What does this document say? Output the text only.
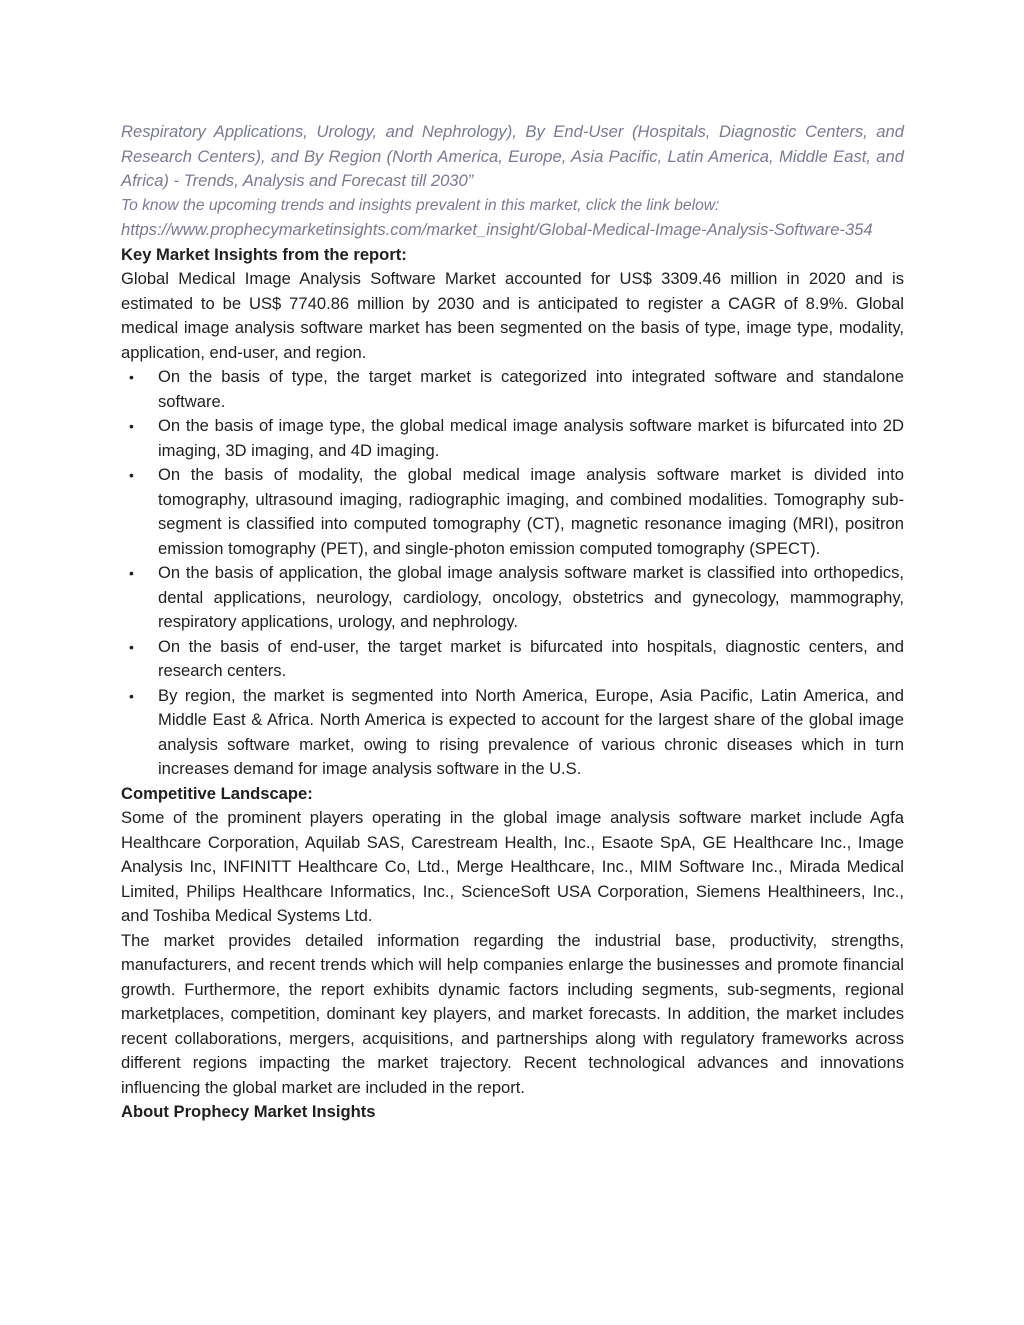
Respiratory Applications, Urology, and Nephrology), By End-User (Hospitals, Diagnostic Centers, and Research Centers), and By Region (North America, Europe, Asia Pacific, Latin America, Middle East, and Africa) - Trends, Analysis and Forecast till 2030”

To know the upcoming trends and insights prevalent in this market, click the link below:

https://www.prophecymarketinsights.com/market_insight/Global-Medical-Image-Analysis-Software-354

Key Market Insights from the report:

Global Medical Image Analysis Software Market accounted for US$ 3309.46 million in 2020 and is estimated to be US$ 7740.86 million by 2030 and is anticipated to register a CAGR of 8.9%. Global medical image analysis software market has been segmented on the basis of type, image type, modality, application, end-user, and region.

• On the basis of type, the target market is categorized into integrated software and standalone software.
• On the basis of image type, the global medical image analysis software market is bifurcated into 2D imaging, 3D imaging, and 4D imaging.
• On the basis of modality, the global medical image analysis software market is divided into tomography, ultrasound imaging, radiographic imaging, and combined modalities. Tomography sub-segment is classified into computed tomography (CT), magnetic resonance imaging (MRI), positron emission tomography (PET), and single-photon emission computed tomography (SPECT).
• On the basis of application, the global image analysis software market is classified into orthopedics, dental applications, neurology, cardiology, oncology, obstetrics and gynecology, mammography, respiratory applications, urology, and nephrology.
• On the basis of end-user, the target market is bifurcated into hospitals, diagnostic centers, and research centers.
• By region, the market is segmented into North America, Europe, Asia Pacific, Latin America, and Middle East & Africa. North America is expected to account for the largest share of the global image analysis software market, owing to rising prevalence of various chronic diseases which in turn increases demand for image analysis software in the U.S.

Competitive Landscape:

Some of the prominent players operating in the global image analysis software market include Agfa Healthcare Corporation, Aquilab SAS, Carestream Health, Inc., Esaote SpA, GE Healthcare Inc., Image Analysis Inc, INFINITT Healthcare Co, Ltd., Merge Healthcare, Inc., MIM Software Inc., Mirada Medical Limited, Philips Healthcare Informatics, Inc., ScienceSoft USA Corporation, Siemens Healthineers, Inc., and Toshiba Medical Systems Ltd.

The market provides detailed information regarding the industrial base, productivity, strengths, manufacturers, and recent trends which will help companies enlarge the businesses and promote financial growth. Furthermore, the report exhibits dynamic factors including segments, sub-segments, regional marketplaces, competition, dominant key players, and market forecasts. In addition, the market includes recent collaborations, mergers, acquisitions, and partnerships along with regulatory frameworks across different regions impacting the market trajectory. Recent technological advances and innovations influencing the global market are included in the report.

About Prophecy Market Insights
